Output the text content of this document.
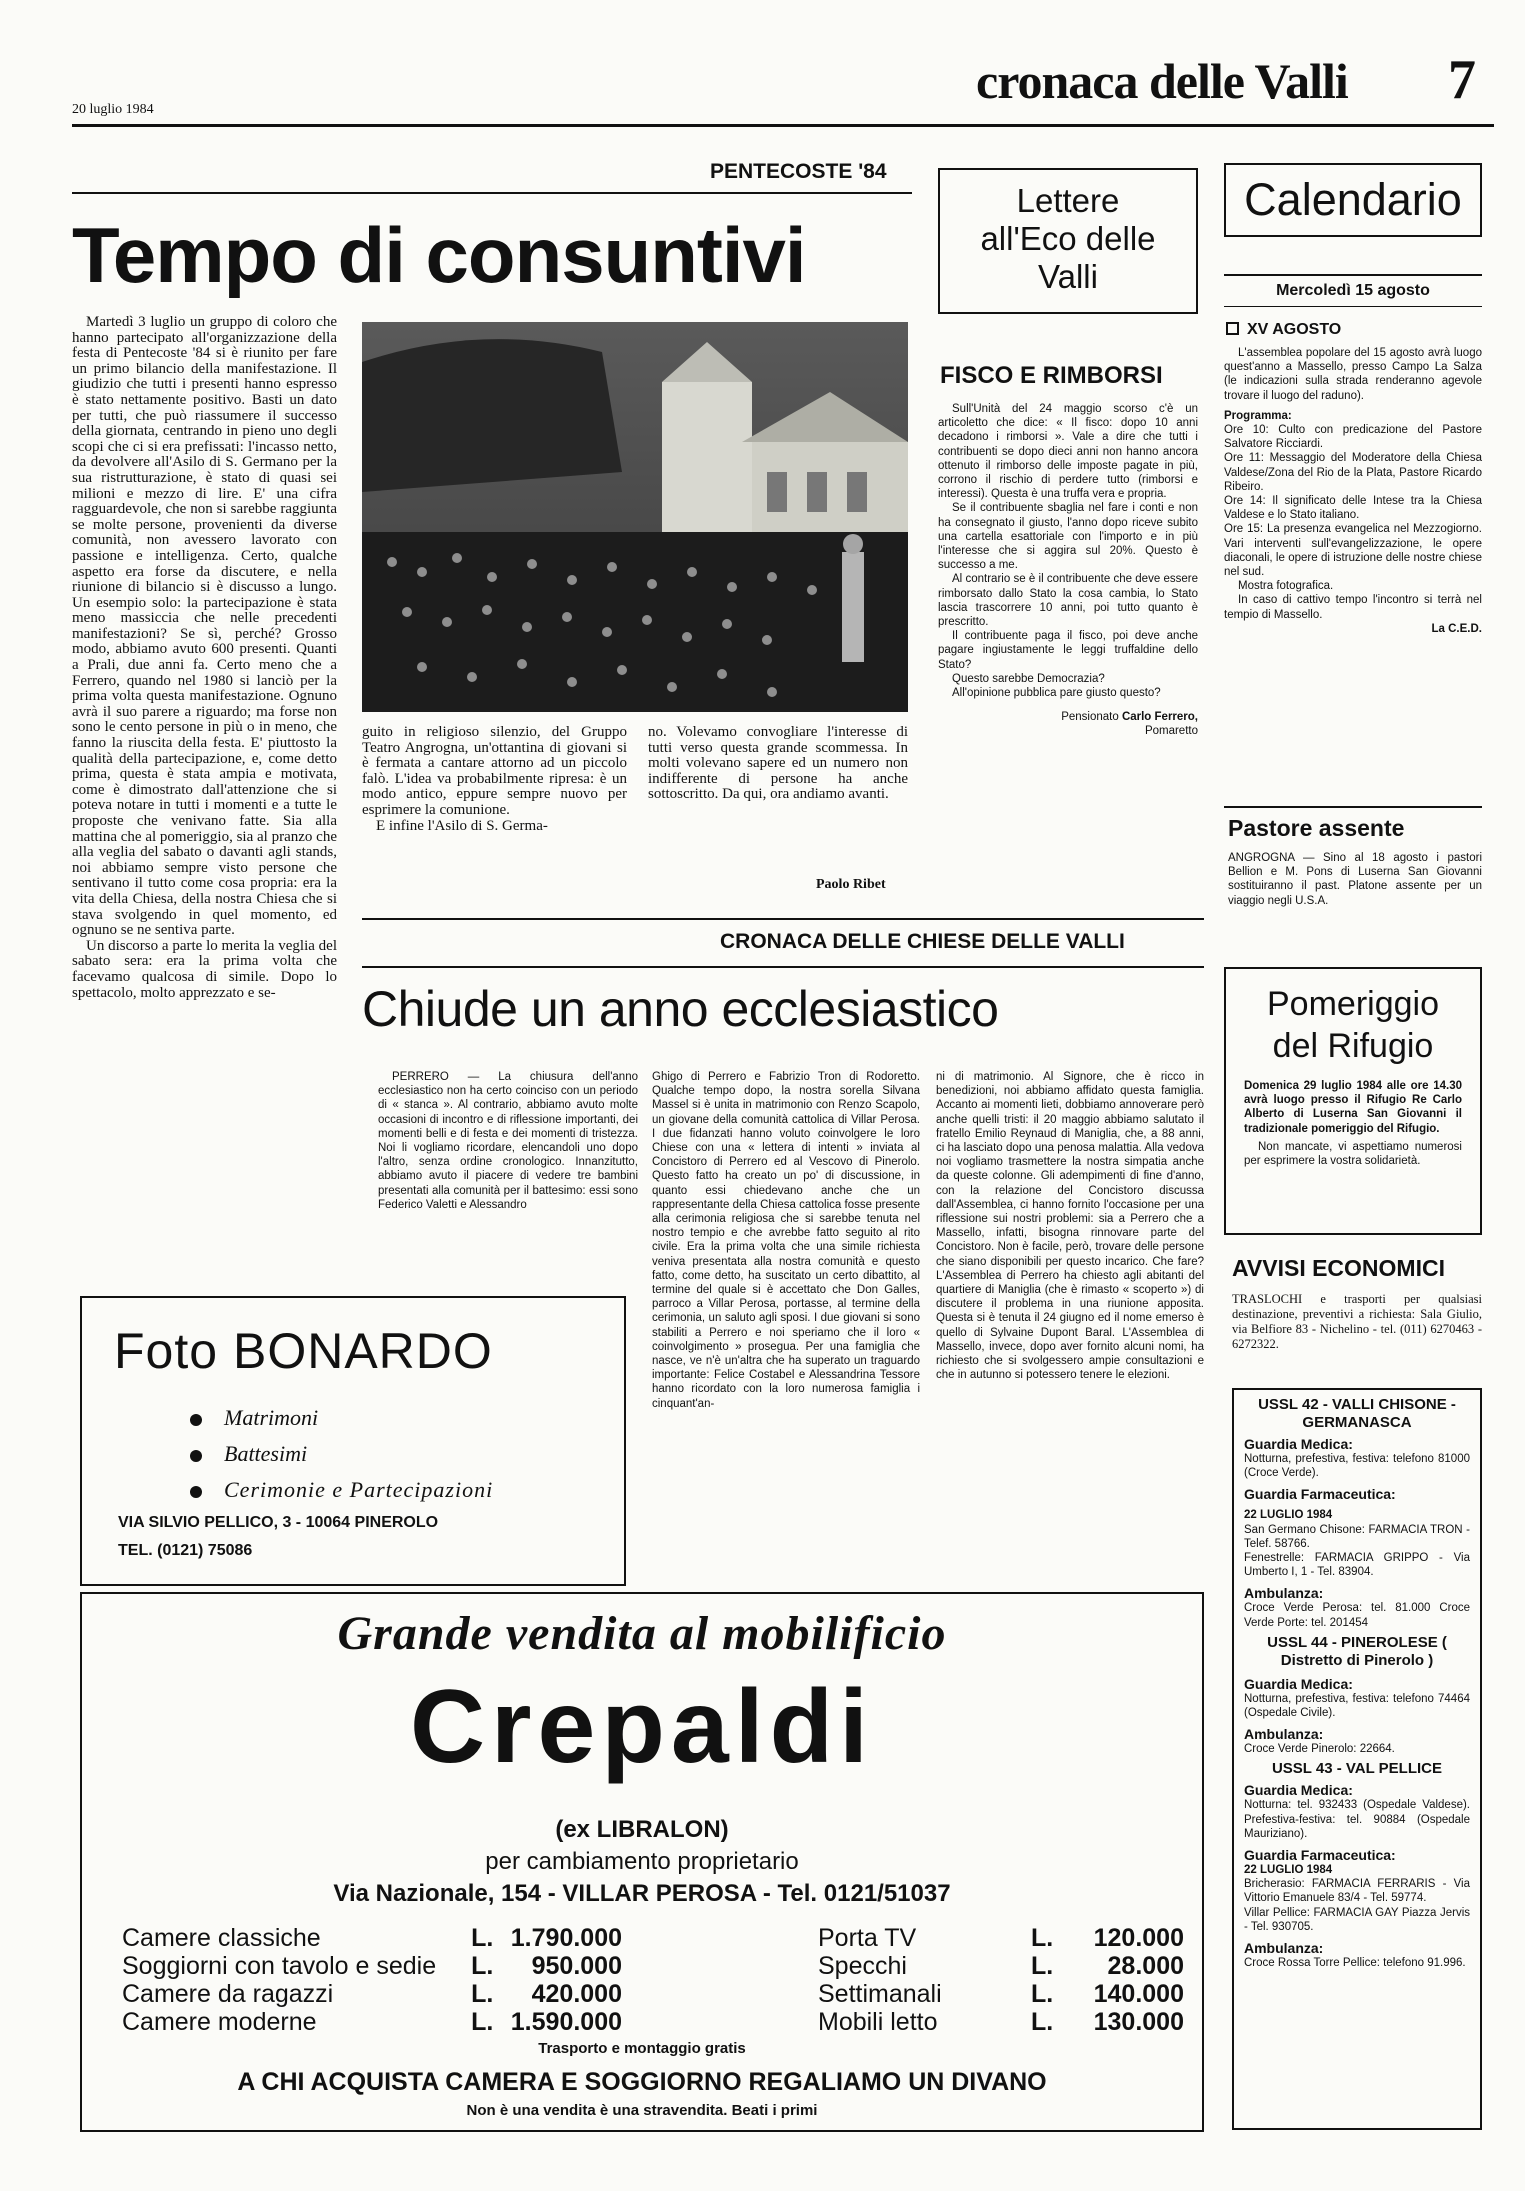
20 luglio 1984
cronaca delle Valli 7
PENTECOSTE '84
Tempo di consuntivi

Martedì 3 luglio un gruppo di coloro che hanno partecipato all'organizzazione della festa di Pentecoste '84 si è riunito per fare un primo bilancio della manifestazione. Il giudizio che tutti i presenti hanno espresso è stato nettamente positivo. Basti un dato per tutti, che può riassumere il successo della giornata, centrando in pieno uno degli scopi che ci si era prefissati: l'incasso netto, da devolvere all'Asilo di S. Germano per la sua ristrutturazione, è stato di quasi sei milioni e mezzo di lire. E' una cifra ragguardevole, che non si sarebbe raggiunta se molte persone, provenienti da diverse comunità, non avessero lavorato con passione e intelligenza. Certo, qualche aspetto era forse da discutere, e nella riunione di bilancio si è discusso a lungo. Un esempio solo: la partecipazione è stata meno massiccia che nelle precedenti manifestazioni? Se sì, perché? Grosso modo, abbiamo avuto 600 presenti. Quanti a Prali, due anni fa. Certo meno che a Ferrero, quando nel 1980 si lanciò per la prima volta questa manifestazione. Ognuno avrà il suo parere a riguardo; ma forse non sono le cento persone in più o in meno, che fanno la riuscita della festa. E' piuttosto la qualità della partecipazione, e, come detto prima, questa è stata ampia e motivata, come è dimostrato dall'attenzione che si poteva notare in tutti i momenti e a tutte le proposte che venivano fatte. Sia alla mattina che al pomeriggio, sia al pranzo che alla veglia del sabato o davanti agli stands, noi abbiamo sempre visto persone che sentivano il tutto come cosa propria: era la vita della Chiesa, della nostra Chiesa che si stava svolgendo in quel momento, ed ognuno se ne sentiva parte.

Un discorso a parte lo merita la veglia del sabato sera: era la prima volta che facevamo qualcosa di simile. Dopo lo spettacolo, molto apprezzato e se-

guito in religioso silenzio, del Gruppo Teatro Angrogna, un'ottantina di giovani si è fermata a cantare attorno ad un piccolo falò. L'idea va probabilmente ripresa: è un modo antico, eppure sempre nuovo per esprimere la comunione.

E infine l'Asilo di S. Germa-

no. Volevamo convogliare l'interesse di tutti verso questa grande scommessa. In molti volevano sapere ed un numero non indifferente di persone ha anche sottoscritto. Da qui, ora andiamo avanti.

Paolo Ribet

Lettere all'Eco delle Valli
FISCO E RIMBORSI

Sull'Unità del 24 maggio scorso c'è un articoletto che dice: « Il fisco: dopo 10 anni decadono i rimborsi ». Vale a dire che tutti i contribuenti se dopo dieci anni non hanno ancora ottenuto il rimborso delle imposte pagate in più, corrono il rischio di perdere tutto (rimborsi e interessi). Questa è una truffa vera e propria.

Se il contribuente sbaglia nel fare i conti e non ha consegnato il giusto, l'anno dopo riceve subito una cartella esattoriale con l'importo e in più l'interesse che si aggira sul 20%. Questo è successo a me.

Al contrario se è il contribuente che deve essere rimborsato dallo Stato la cosa cambia, lo Stato lascia trascorrere 10 anni, poi tutto quanto è prescritto.

Il contribuente paga il fisco, poi deve anche pagare ingiustamente le leggi truffaldine dello Stato?

Questo sarebbe Democrazia?

All'opinione pubblica pare giusto questo?

Pensionato Carlo Ferrero,
Pomaretto
Calendario
Mercoledì 15 agosto
XV AGOSTO

L'assemblea popolare del 15 agosto avrà luogo quest'anno a Massello, presso Campo La Salza (le indicazioni sulla strada renderanno agevole trovare il luogo del raduno).

Programma:

Ore 10: Culto con predicazione del Pastore Salvatore Ricciardi.

Ore 11: Messaggio del Moderatore della Chiesa Valdese/Zona del Rio de la Plata, Pastore Ricardo Ribeiro.

Ore 14: Il significato delle Intese tra la Chiesa Valdese e lo Stato italiano.

Ore 15: La presenza evangelica nel Mezzogiorno. Vari interventi sull'evangelizzazione, le opere diaconali, le opere di istruzione delle nostre chiese nel sud.

Mostra fotografica.

In caso di cattivo tempo l'incontro si terrà nel tempio di Massello.

La C.E.D.

Pastore assente

ANGROGNA — Sino al 18 agosto i pastori Bellion e M. Pons di Luserna San Giovanni sostituiranno il past. Platone assente per un viaggio negli U.S.A.

Pomeriggio del Rifugio

Domenica 29 luglio 1984 alle ore 14.30 avrà luogo presso il Rifugio Re Carlo Alberto di Luserna San Giovanni il tradizionale pomeriggio del Rifugio.

Non mancate, vi aspettiamo numerosi per esprimere la vostra solidarietà.

AVVISI ECONOMICI

TRASLOCHI e trasporti per qualsiasi destinazione, preventivi a richiesta: Sala Giulio, via Belfiore 83 - Nichelino - tel. (011) 6270463 - 6272322.

USSL 42 - VALLI CHISONE - GERMANASCA

Guardia Medica:

Notturna, prefestiva, festiva: telefono 81000 (Croce Verde).

Guardia Farmaceutica:

22 LUGLIO 1984

San Germano Chisone: FARMACIA TRON - Telef. 58766.

Fenestrelle: FARMACIA GRIPPO - Via Umberto I, 1 - Tel. 83904.

Ambulanza:

Croce Verde Perosa: tel. 81.000 Croce Verde Porte: tel. 201454

USSL 44 - PINEROLESE ( Distretto di Pinerolo )

Guardia Medica:

Notturna, prefestiva, festiva: telefono 74464 (Ospedale Civile).

Ambulanza:

Croce Verde Pinerolo: 22664.

USSL 43 - VAL PELLICE

Guardia Medica:

Notturna: tel. 932433 (Ospedale Valdese). Prefestiva-festiva: tel. 90884 (Ospedale Mauriziano).

Guardia Farmaceutica:

22 LUGLIO 1984

Bricherasio: FARMACIA FERRARIS - Via Vittorio Emanuele 83/4 - Tel. 59774.

Villar Pellice: FARMACIA GAY Piazza Jervis - Tel. 930705.

Ambulanza:

Croce Rossa Torre Pellice: telefono 91.996.

CRONACA DELLE CHIESE DELLE VALLI
Chiude un anno ecclesiastico

PERRERO — La chiusura dell'anno ecclesiastico non ha certo coinciso con un periodo di « stanca ». Al contrario, abbiamo avuto molte occasioni di incontro e di riflessione importanti, dei momenti belli e di festa e dei momenti di tristezza. Noi li vogliamo ricordare, elencandoli uno dopo l'altro, senza ordine cronologico. Innanzitutto, abbiamo avuto il piacere di vedere tre bambini presentati alla comunità per il battesimo: essi sono Federico Valetti e Alessandro

Ghigo di Perrero e Fabrizio Tron di Rodoretto. Qualche tempo dopo, la nostra sorella Silvana Massel si è unita in matrimonio con Renzo Scapolo, un giovane della comunità cattolica di Villar Perosa. I due fidanzati hanno voluto coinvolgere le loro Chiese con una « lettera di intenti » inviata al Concistoro di Perrero ed al Vescovo di Pinerolo. Questo fatto ha creato un po' di discussione, in quanto essi chiedevano anche che un rappresentante della Chiesa cattolica fosse presente alla cerimonia religiosa che si sarebbe tenuta nel nostro tempio e che avrebbe fatto seguito al rito civile. Era la prima volta che una simile richiesta veniva presentata alla nostra comunità e questo fatto, come detto, ha suscitato un certo dibattito, al termine del quale si è accettato che Don Galles, parroco a Villar Perosa, portasse, al termine della cerimonia, un saluto agli sposi. I due giovani si sono stabiliti a Perrero e noi speriamo che il loro « coinvolgimento » prosegua. Per una famiglia che nasce, ve n'è un'altra che ha superato un traguardo importante: Felice Costabel e Alessandrina Tessore hanno ricordato con la loro numerosa famiglia i cinquant'an-

ni di matrimonio. Al Signore, che è ricco in benedizioni, noi abbiamo affidato questa famiglia. Accanto ai momenti lieti, dobbiamo annoverare però anche quelli tristi: il 20 maggio abbiamo salutato il fratello Emilio Reynaud di Maniglia, che, a 88 anni, ci ha lasciato dopo una penosa malattia. Alla vedova noi vogliamo trasmettere la nostra simpatia anche da queste colonne. Gli adempimenti di fine d'anno, con la relazione del Concistoro discussa dall'Assemblea, ci hanno fornito l'occasione per una riflessione sui nostri problemi: sia a Perrero che a Massello, infatti, bisogna rinnovare parte del Concistoro. Non è facile, però, trovare delle persone che siano disponibili per questo incarico. Che fare? L'Assemblea di Perrero ha chiesto agli abitanti del quartiere di Maniglia (che è rimasto « scoperto ») di discutere il problema in una riunione apposita. Questa si è tenuta il 24 giugno ed il nome emerso è quello di Sylvaine Dupont Baral. L'Assemblea di Massello, invece, dopo aver fornito alcuni nomi, ha richiesto che si svolgessero ampie consultazioni e che in autunno si potessero tenere le elezioni.

Foto BONARDO
Matrimoni
Battesimi
Cerimonie e Partecipazioni
VIA SILVIO PELLICO, 3 - 10064 PINEROLO
TEL. (0121) 75086
Grande vendita al mobilificio
Crepaldi
(ex LIBRALON)
per cambiamento proprietario
Via Nazionale, 154 - VILLAR PEROSA - Tel. 0121/51037
Camere classiche	L. 1.790.000
Soggiorni con tavolo e sedie	L.	950.000
Camere da ragazzi	L.	420.000
Camere moderne	L. 1.590.000
Porta TV	L.	120.000
Specchi	L.	28.000
Settimanali	L.	140.000
Mobili letto	L.	130.000
Trasporto e montaggio gratis
A CHI ACQUISTA CAMERA E SOGGIORNO REGALIAMO UN DIVANO
Non è una vendita è una stravendita. Beati i primi
